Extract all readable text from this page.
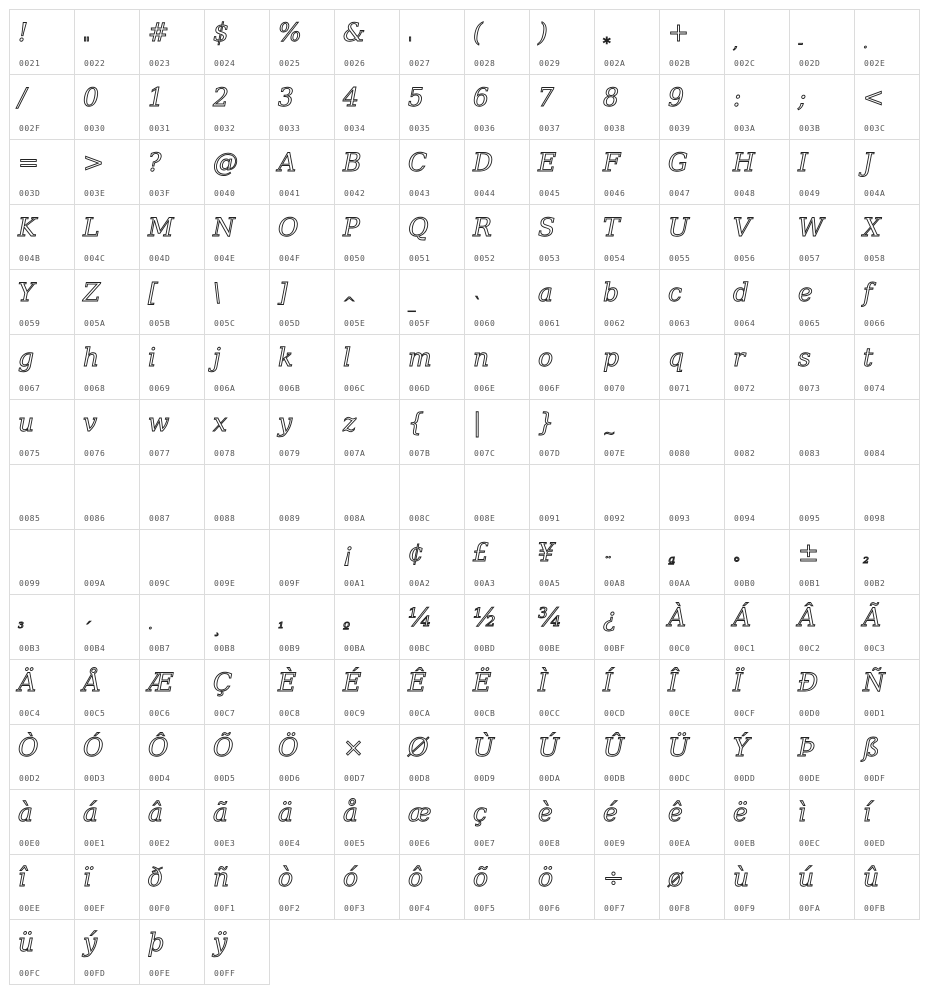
!
0021
"
0022
#
0023
$
0024
%
0025
&
0026
'
0027
(
0028
)
0029
*
002A
+
002B
,
002C
-
002D
.
002E
/
002F
0
0030
1
0031
2
0032
3
0033
4
0034
5
0035
6
0036
7
0037
8
0038
9
0039
:
003A
;
003B
<
003C
=
003D
>
003E
?
003F
@
0040
A
0041
B
0042
C
0043
D
0044
E
0045
F
0046
G
0047
H
0048
I
0049
J
004A
K
004B
L
004C
M
004D
N
004E
O
004F
P
0050
Q
0051
R
0052
S
0053
T
0054
U
0055
V
0056
W
0057
X
0058
Y
0059
Z
005A
[
005B
\
005C
]
005D
^
005E
_
005F
`
0060
a
0061
b
0062
c
0063
d
0064
e
0065
f
0066
g
0067
h
0068
i
0069
j
006A
k
006B
l
006C
m
006D
n
006E
o
006F
p
0070
q
0071
r
0072
s
0073
t
0074
u
0075
v
0076
w
0077
x
0078
y
0079
z
007A
{
007B
|
007C
}
007D
~
007E	0080	0082	0083	0084
0085	0086	0087	0088	0089	008A	008C	008E	0091	0092	0093	0094	0095	0098
0099	009A	009C	009E	009F
¡
00A1
¢
00A2
£
00A3
¥
00A5
¨
00A8
ª
00AA
°
00B0
±
00B1
²
00B2
³
00B3
´
00B4
·
00B7
¸
00B8
¹
00B9
º
00BA
¼
00BC
½
00BD
¾
00BE
¿
00BF
À
00C0
Á
00C1
Â
00C2
Ã
00C3
Ä
00C4
Å
00C5
Æ
00C6
Ç
00C7
È
00C8
É
00C9
Ê
00CA
Ë
00CB
Ì
00CC
Í
00CD
Î
00CE
Ï
00CF
Ð
00D0
Ñ
00D1
Ò
00D2
Ó
00D3
Ô
00D4
Õ
00D5
Ö
00D6
×
00D7
Ø
00D8
Ù
00D9
Ú
00DA
Û
00DB
Ü
00DC
Ý
00DD
Þ
00DE
ß
00DF
à
00E0
á
00E1
â
00E2
ã
00E3
ä
00E4
å
00E5
æ
00E6
ç
00E7
è
00E8
é
00E9
ê
00EA
ë
00EB
ì
00EC
í
00ED
î
00EE
ï
00EF
ð
00F0
ñ
00F1
ò
00F2
ó
00F3
ô
00F4
õ
00F5
ö
00F6
÷
00F7
ø
00F8
ù
00F9
ú
00FA
û
00FB
ü
00FC
ý
00FD
þ
00FE
ÿ
00FF
